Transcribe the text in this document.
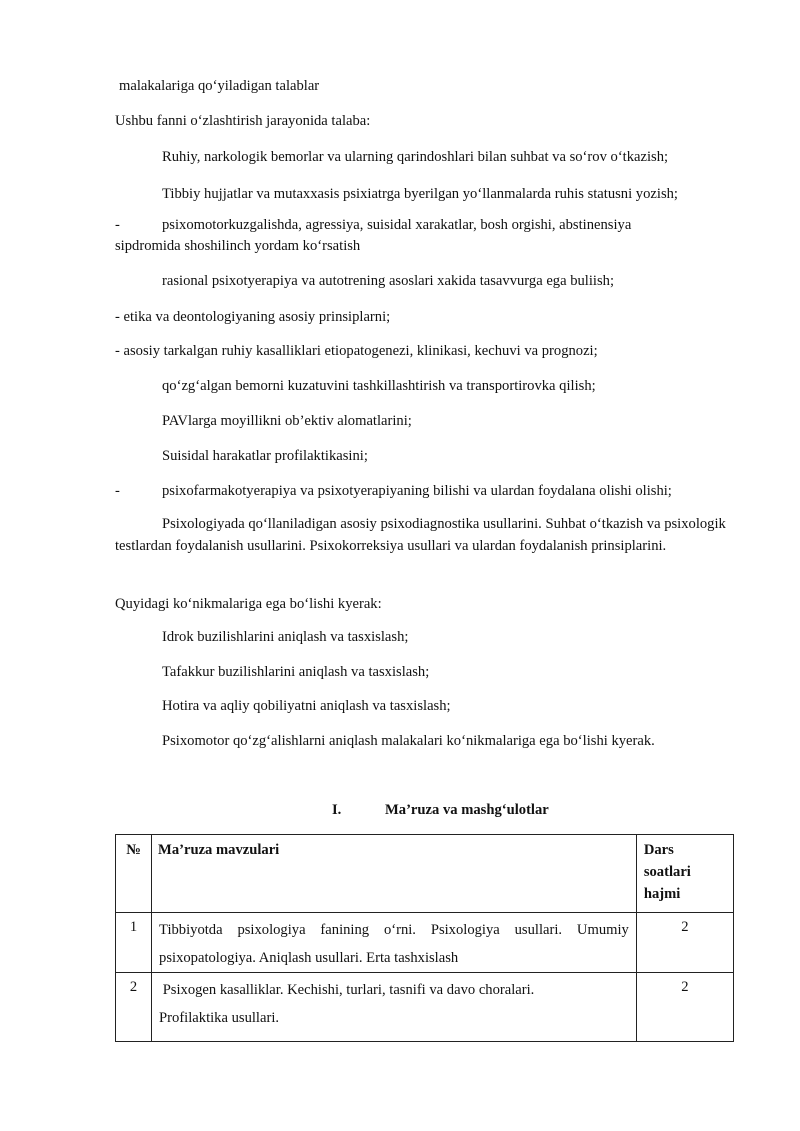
malakalariga qo‘yiladigan talablar
Ushbu fanni o‘zlashtirish jarayonida talaba:
Ruhiy, narkologik bemorlar va ularning qarindoshlari bilan suhbat va so‘rov o‘tkazish;
Tibbiy hujjatlar va mutaxxasis psixiatrga byerilgan yo‘llanmalarda ruhis statusni yozish;
-	psixomotorkuzgalishda, agressiya, suisidal xarakatlar, bosh orgishi, abstinensiya
sipdromida shoshilinch yordam ko‘rsatish
rasional psixotyerapiya va autotrening asoslari xakida tasavvurga ega buliish;
- etika va deontologiyaning asosiy prinsiplarni;
- asosiy tarkalgan ruhiy kasalliklari etiopatogenezi, klinikasi, kechuvi va prognozi;
qo‘zg‘algan bemorni kuzatuvini tashkillashtirish va transportirovka qilish;
PAVlarga moyillikni ob’ektiv alomatlarini;
Suisidal harakatlar profilaktikasini;
-	psixofarmakotyerapiya va psixotyerapiyaning bilishi va ulardan foydalana olishi olishi;
Psixologiyada qo‘llaniladigan asosiy psixodiagnostika usullarini. Suhbat o‘tkazish va psixologik testlardan foydalanish usullarini. Psixokorreksiya usullari va ulardan foydalanish prinsiplarini.
Quyidagi ko‘nikmalariga ega bo‘lishi kyerak:
Idrok buzilishlarini aniqlash va tasxislash;
Tafakkur buzilishlarini aniqlash va tasxislash;
Hotira va aqliy qobiliyatni aniqlash va tasxislash;
Psixomotor qo‘zg‘alishlarni aniqlash malakalari ko‘nikmalariga ega bo‘lishi kyerak.
I.	Ma’ruza va mashg‘ulotlar
№	Ma’ruza mavzulari	Dars
soatlari
hajmi

1	Tibbiyotda psixologiya fanining o‘rni. Psixologiya usullari. Umumiy psixopatologiya. Aniqlash usullari. Erta tashxislash	2
2	Psixogen kasalliklar. Kechishi, turlari, tasnifi va davo choralari.
Profilaktika usullari.	2
